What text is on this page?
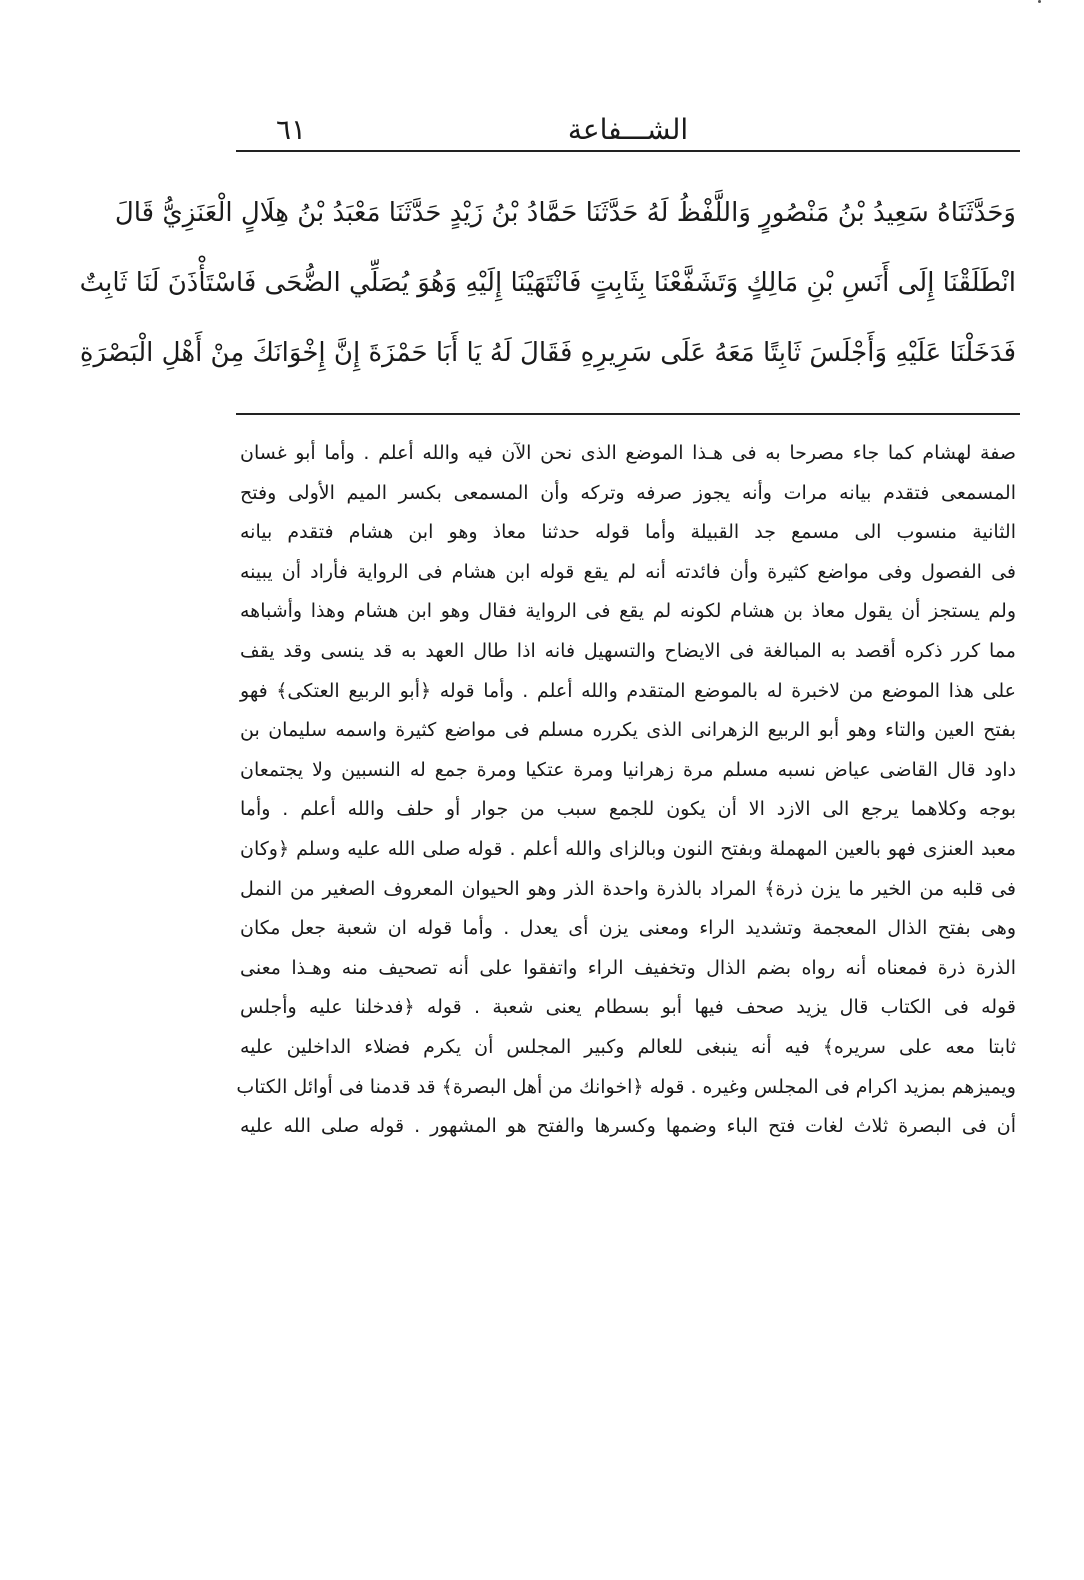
٦١	الشـــفاعة
وَحَدَّثَنَاهُ سَعِيدُ بْنُ مَنْصُورٍ وَاللَّفْظُ لَهُ حَدَّثَنَا حَمَّادُ بْنُ زَيْدٍ حَدَّثَنَا مَعْبَدُ بْنُ هِلَالٍ الْعَنَزِيُّ قَالَ
انْطَلَقْنَا إِلَى أَنَسِ بْنِ مَالِكٍ وَتَشَفَّعْنَا بِثَابِتٍ فَانْتَهَيْنَا إِلَيْهِ وَهُوَ يُصَلِّي الضُّحَى فَاسْتَأْذَنَ لَنَا ثَابِتٌ
فَدَخَلْنَا عَلَيْهِ وَأَجْلَسَ ثَابِتًا مَعَهُ عَلَى سَرِيرِهِ فَقَالَ لَهُ يَا أَبَا حَمْزَةَ إِنَّ إِخْوَانَكَ مِنْ أَهْلِ الْبَصْرَةِ
صفة لهشام كما جاء مصرحا به فى هـذا الموضع الذى نحن الآن فيه والله أعلم . وأما أبو غسان
المسمعى فتقدم بيانه مرات وأنه يجوز صرفه وتركه وأن المسمعى بكسر الميم الأولى وفتح
الثانية منسوب الى مسمع جد القبيلة وأما قوله حدثنا معاذ وهو ابن هشام فتقدم بيانه
فى الفصول وفى مواضع كثيرة وأن فائدته أنه لم يقع قوله ابن هشام فى الرواية فأراد أن يبينه
ولم يستجز أن يقول معاذ بن هشام لكونه لم يقع فى الرواية فقال وهو ابن هشام وهذا وأشباهه
مما كرر ذكره أقصد به المبالغة فى الايضاح والتسهيل فانه اذا طال العهد به قد ينسى وقد يقف
على هذا الموضع من لاخبرة له بالموضع المتقدم والله أعلم . وأما قوله ﴿أبو الربيع العتكى﴾ فهو
بفتح العين والتاء وهو أبو الربيع الزهرانى الذى يكرره مسلم فى مواضع كثيرة واسمه سليمان بن
داود قال القاضى عياض نسبه مسلم مرة زهرانيا ومرة عتكيا ومرة جمع له النسبين ولا يجتمعان
بوجه وكلاهما يرجع الى الازد الا أن يكون للجمع سبب من جوار أو حلف والله أعلم . وأما
معبد العنزى فهو بالعين المهملة وبفتح النون وبالزاى والله أعلم . قوله صلى الله عليه وسلم ﴿وكان
فى قلبه من الخير ما يزن ذرة﴾ المراد بالذرة واحدة الذر وهو الحيوان المعروف الصغير من النمل
وهى بفتح الذال المعجمة وتشديد الراء ومعنى يزن أى يعدل . وأما قوله ان شعبة جعل مكان
الذرة ذرة فمعناه أنه رواه بضم الذال وتخفيف الراء واتفقوا على أنه تصحيف منه وهـذا معنى
قوله فى الكتاب قال يزيد صحف فيها أبو بسطام يعنى شعبة . قوله ﴿فدخلنا عليه وأجلس
ثابتا معه على سريره﴾ فيه أنه ينبغى للعالم وكبير المجلس أن يكرم فضلاء الداخلين عليه
ويميزهم بمزيد اكرام فى المجلس وغيره . قوله ﴿اخوانك من أهل البصرة﴾ قد قدمنا فى أوائل الكتاب
أن فى البصرة ثلاث لغات فتح الباء وضمها وكسرها والفتح هو المشهور . قوله صلى الله عليه
